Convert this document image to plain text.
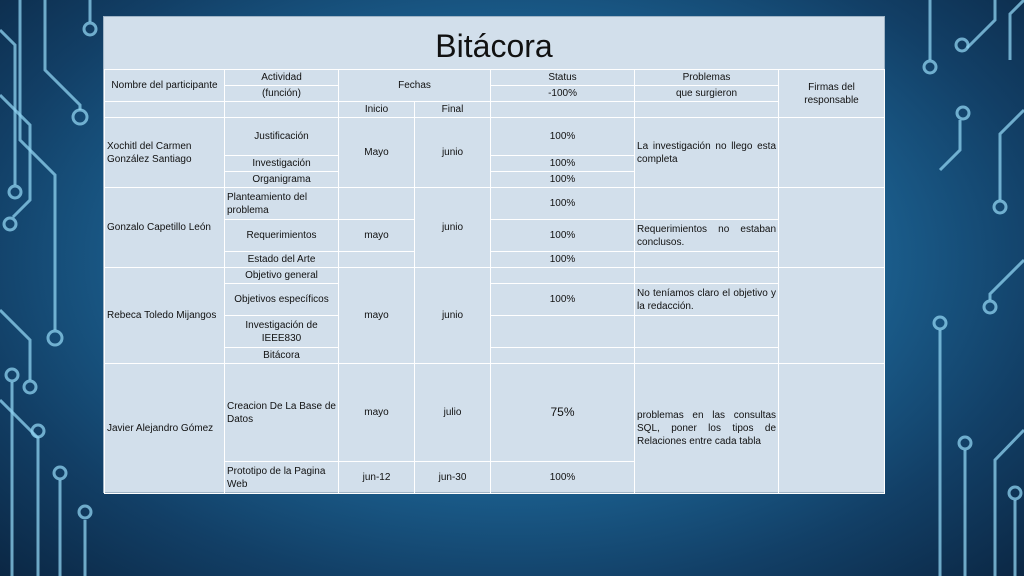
Bitácora
Nombre del participante	Actividad	Fechas		Status	Problemas	Firmas del responsable
	(función)			-100%	que surgieron	
		Inicio	Final			
Xochitl del Carmen González Santiago	Justificación	Mayo	junio	100%	La investigación no llego esta completa	
	Investigación			100%		
	Organigrama			100%		
Gonzalo Capetillo León	Planteamiento del problema		junio	100%		
	Requerimientos	mayo		100%	Requerimientos no estaban conclusos.	
	Estado del Arte			100%		
Rebeca Toledo Mijangos	Objetivo general	mayo	junio			
	Objetivos específicos			100%	No teníamos claro el objetivo y la redacción.	
	Investigación de IEEE830					
	Bitácora					
Javier Alejandro Gómez	Creacion De La Base de Datos	mayo	julio	75%	problemas en las consultas SQL, poner los tipos de Relaciones entre cada tabla	
	Prototipo de la Pagina Web	jun-12	jun-30	100%		
